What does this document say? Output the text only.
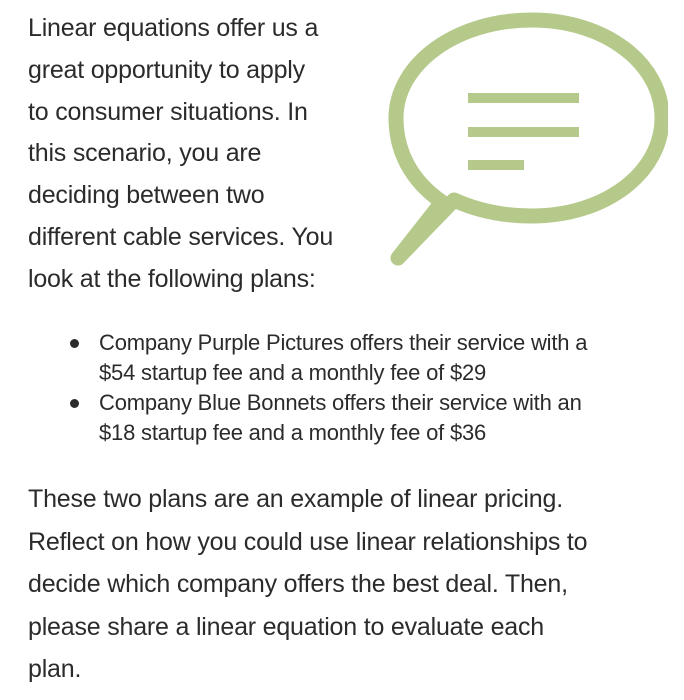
Linear equations offer us a
great opportunity to apply
to consumer situations. In
this scenario, you are
deciding between two
different cable services. You
look at the following plans:
Company Purple Pictures offers their service with a
$54 startup fee and a monthly fee of $29
Company Blue Bonnets offers their service with an
$18 startup fee and a monthly fee of $36
These two plans are an example of linear pricing.
Reflect on how you could use linear relationships to
decide which company offers the best deal. Then,
please share a linear equation to evaluate each
plan.
